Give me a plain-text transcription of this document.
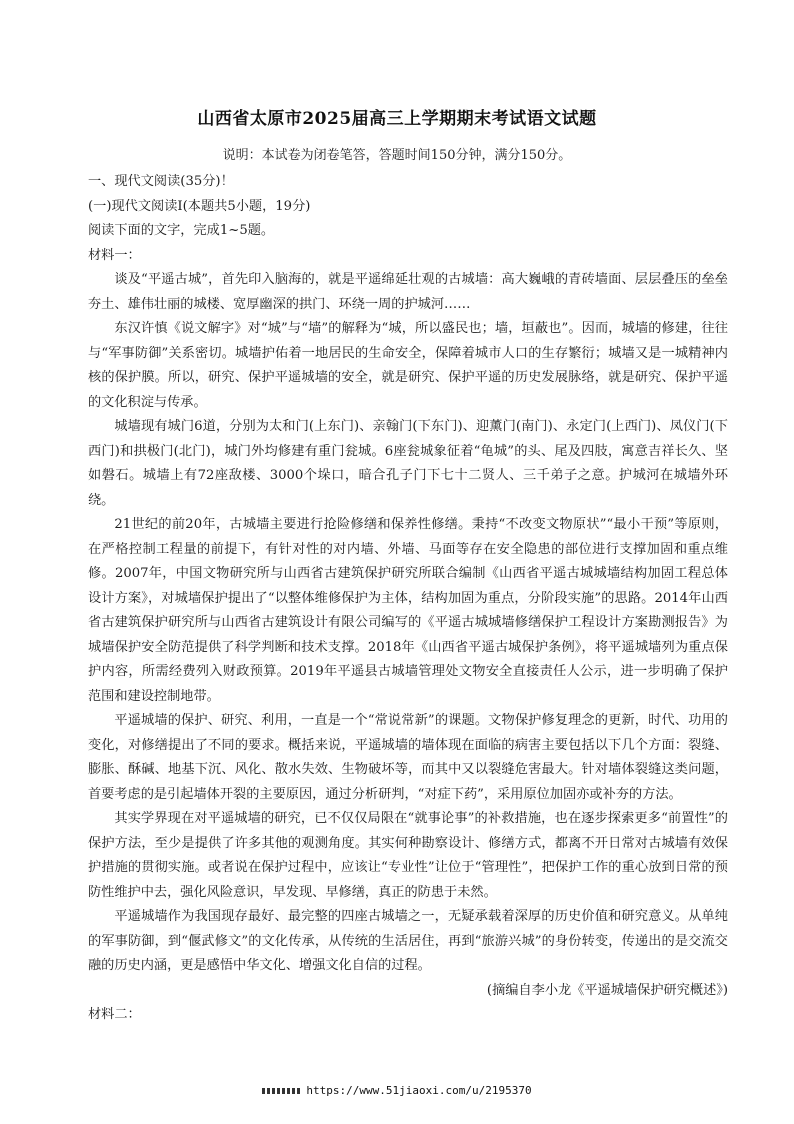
山西省太原市2025届高三上学期期末考试语文试题
说明：本试卷为闭卷笔答，答题时间150分钟，满分150分。

一、现代文阅读(35分)！

(一)现代文阅读Ⅰ(本题共5小题，19分)

阅读下面的文字，完成1~5题。

材料一：

谈及“平遥古城”，首先印入脑海的，就是平遥绵延壮观的古城墙：高大巍峨的青砖墙面、层层叠压的垒垒夯土、雄伟壮丽的城楼、宽厚幽深的拱门、环绕一周的护城河……

东汉许慎《说文解字》对“城”与“墙”的解释为“城，所以盛民也；墙，垣蔽也”。因而，城墙的修建，往往与“军事防御”关系密切。城墙护佑着一地居民的生命安全，保障着城市人口的生存繁衍；城墙又是一城精神内核的保护膜。所以，研究、保护平遥城墙的安全，就是研究、保护平遥的历史发展脉络，就是研究、保护平遥的文化积淀与传承。

城墙现有城门6道，分别为太和门(上东门)、亲翰门(下东门)、迎薰门(南门)、永定门(上西门)、凤仪门(下西门)和拱极门(北门)，城门外均修建有重门瓮城。6座瓮城象征着“龟城”的头、尾及四肢，寓意吉祥长久、坚如磐石。城墙上有72座敌楼、3000个垛口，暗合孔子门下七十二贤人、三千弟子之意。护城河在城墙外环绕。

21世纪的前20年，古城墙主要进行抢险修缮和保养性修缮。秉持“不改变文物原状”“最小干预”等原则，在严格控制工程量的前提下，有针对性的对内墙、外墙、马面等存在安全隐患的部位进行支撑加固和重点维修。2007年，中国文物研究所与山西省古建筑保护研究所联合编制《山西省平遥古城城墙结构加固工程总体设计方案》，对城墙保护提出了“以整体维修保护为主体，结构加固为重点，分阶段实施”的思路。2014年山西省古建筑保护研究所与山西省古建筑设计有限公司编写的《平遥古城城墙修缮保护工程设计方案勘测报告》为城墙保护安全防范提供了科学判断和技术支撑。2018年《山西省平遥古城保护条例》，将平遥城墙列为重点保护内容，所需经费列入财政预算。2019年平遥县古城墙管理处文物安全直接责任人公示，进一步明确了保护范围和建设控制地带。

平遥城墙的保护、研究、利用，一直是一个“常说常新”的课题。文物保护修复理念的更新，时代、功用的变化，对修缮提出了不同的要求。概括来说，平遥城墙的墙体现在面临的病害主要包括以下几个方面：裂缝、膨胀、酥碱、地基下沉、风化、散水失效、生物破坏等，而其中又以裂缝危害最大。针对墙体裂缝这类问题，首要考虑的是引起墙体开裂的主要原因，通过分析研判，“对症下药”，采用原位加固亦或补夯的方法。

其实学界现在对平遥城墙的研究，已不仅仅局限在“就事论事”的补救措施，也在逐步探索更多“前置性”的保护方法，至少是提供了许多其他的观测角度。其实何种勘察设计、修缮方式，都离不开日常对古城墙有效保护措施的贯彻实施。或者说在保护过程中，应该让“专业性”让位于“管理性”，把保护工作的重心放到日常的预防性维护中去，强化风险意识，早发现、早修缮，真正的防患于未然。

平遥城墙作为我国现存最好、最完整的四座古城墙之一，无疑承载着深厚的历史价值和研究意义。从单纯的军事防御，到“偃武修文”的文化传承，从传统的生活居住，再到“旅游兴城”的身份转变，传递出的是交流交融的历史内涵，更是感悟中华文化、增强文化自信的过程。

(摘编自李小龙《平遥城墙保护研究概述》)

材料二：

https://www.51jiaoxi.com/u/2195370
